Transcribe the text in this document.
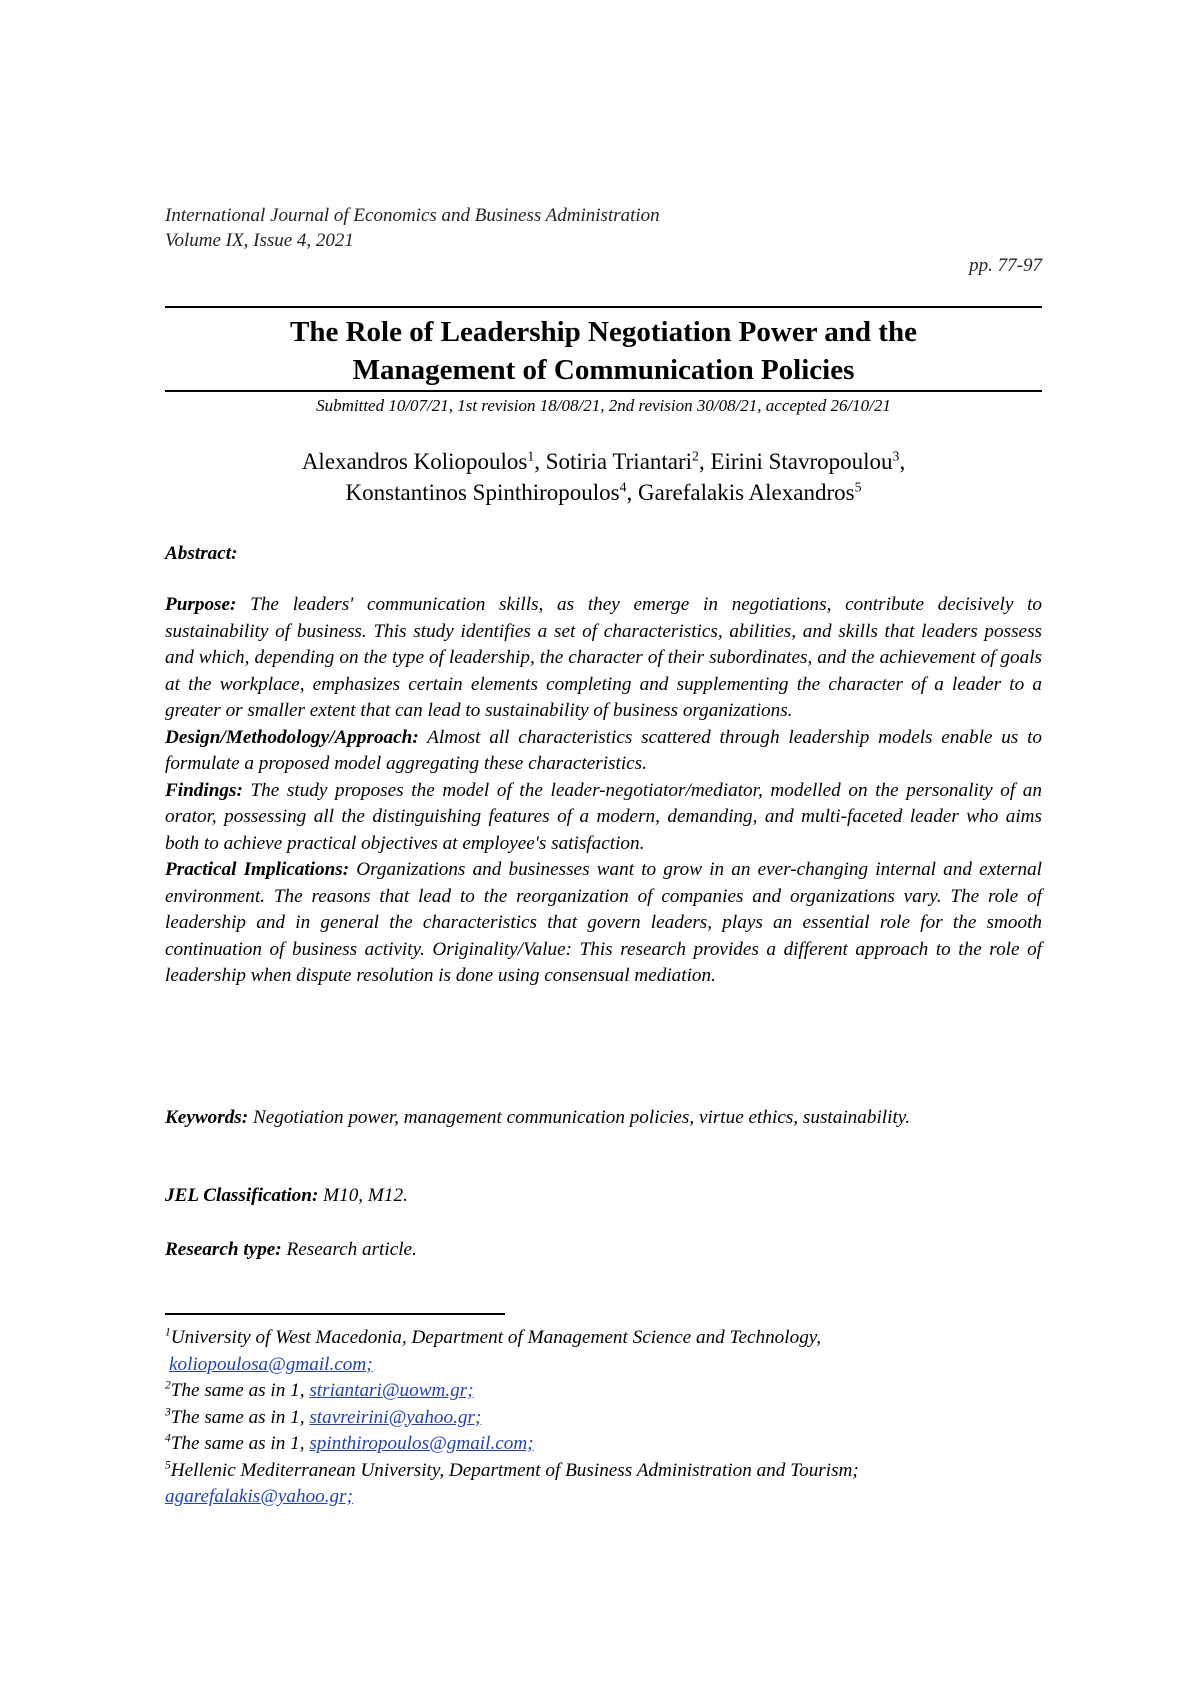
International Journal of Economics and Business Administration
Volume IX, Issue 4, 2021
pp. 77-97
The Role of Leadership Negotiation Power and the
Management of Communication Policies
Submitted 10/07/21, 1st revision 18/08/21, 2nd revision 30/08/21, accepted 26/10/21
Alexandros Koliopoulos$^1$, Sotiria Triantari$^2$, Eirini Stavropoulou$^3$,
Konstantinos Spinthiropoulos$^4$, Garefalakis Alexandros$^5$
Abstract:

Purpose: The leaders' communication skills, as they emerge in negotiations, contribute decisively to sustainability of business. This study identifies a set of characteristics, abilities, and skills that leaders possess and which, depending on the type of leadership, the character of their subordinates, and the achievement of goals at the workplace, emphasizes certain elements completing and supplementing the character of a leader to a greater or smaller extent that can lead to sustainability of business organizations.

Design/Methodology/Approach: Almost all characteristics scattered through leadership models enable us to formulate a proposed model aggregating these characteristics.

Findings: The study proposes the model of the leader-negotiator/mediator, modelled on the personality of an orator, possessing all the distinguishing features of a modern, demanding, and multi-faceted leader who aims both to achieve practical objectives at employee's satisfaction.

Practical Implications: Organizations and businesses want to grow in an ever-changing internal and external environment. The reasons that lead to the reorganization of companies and organizations vary. The role of leadership and in general the characteristics that govern leaders, plays an essential role for the smooth continuation of business activity. Originality/Value: This research provides a different approach to the role of leadership when dispute resolution is done using consensual mediation.

Keywords: Negotiation power, management communication policies, virtue ethics, sustainability.
JEL Classification: M10, M12.
Research type: Research article.

$^1$University of West Macedonia, Department of Management Science and Technology,

koliopoulosa@gmail.com;

$^2$The same as in 1, striantari@uowm.gr;

$^3$The same as in 1, stavreirini@yahoo.gr;

$^4$The same as in 1, spinthiropoulos@gmail.com;

$^5$Hellenic Mediterranean University, Department of Business Administration and Tourism;

agarefalakis@yahoo.gr;
